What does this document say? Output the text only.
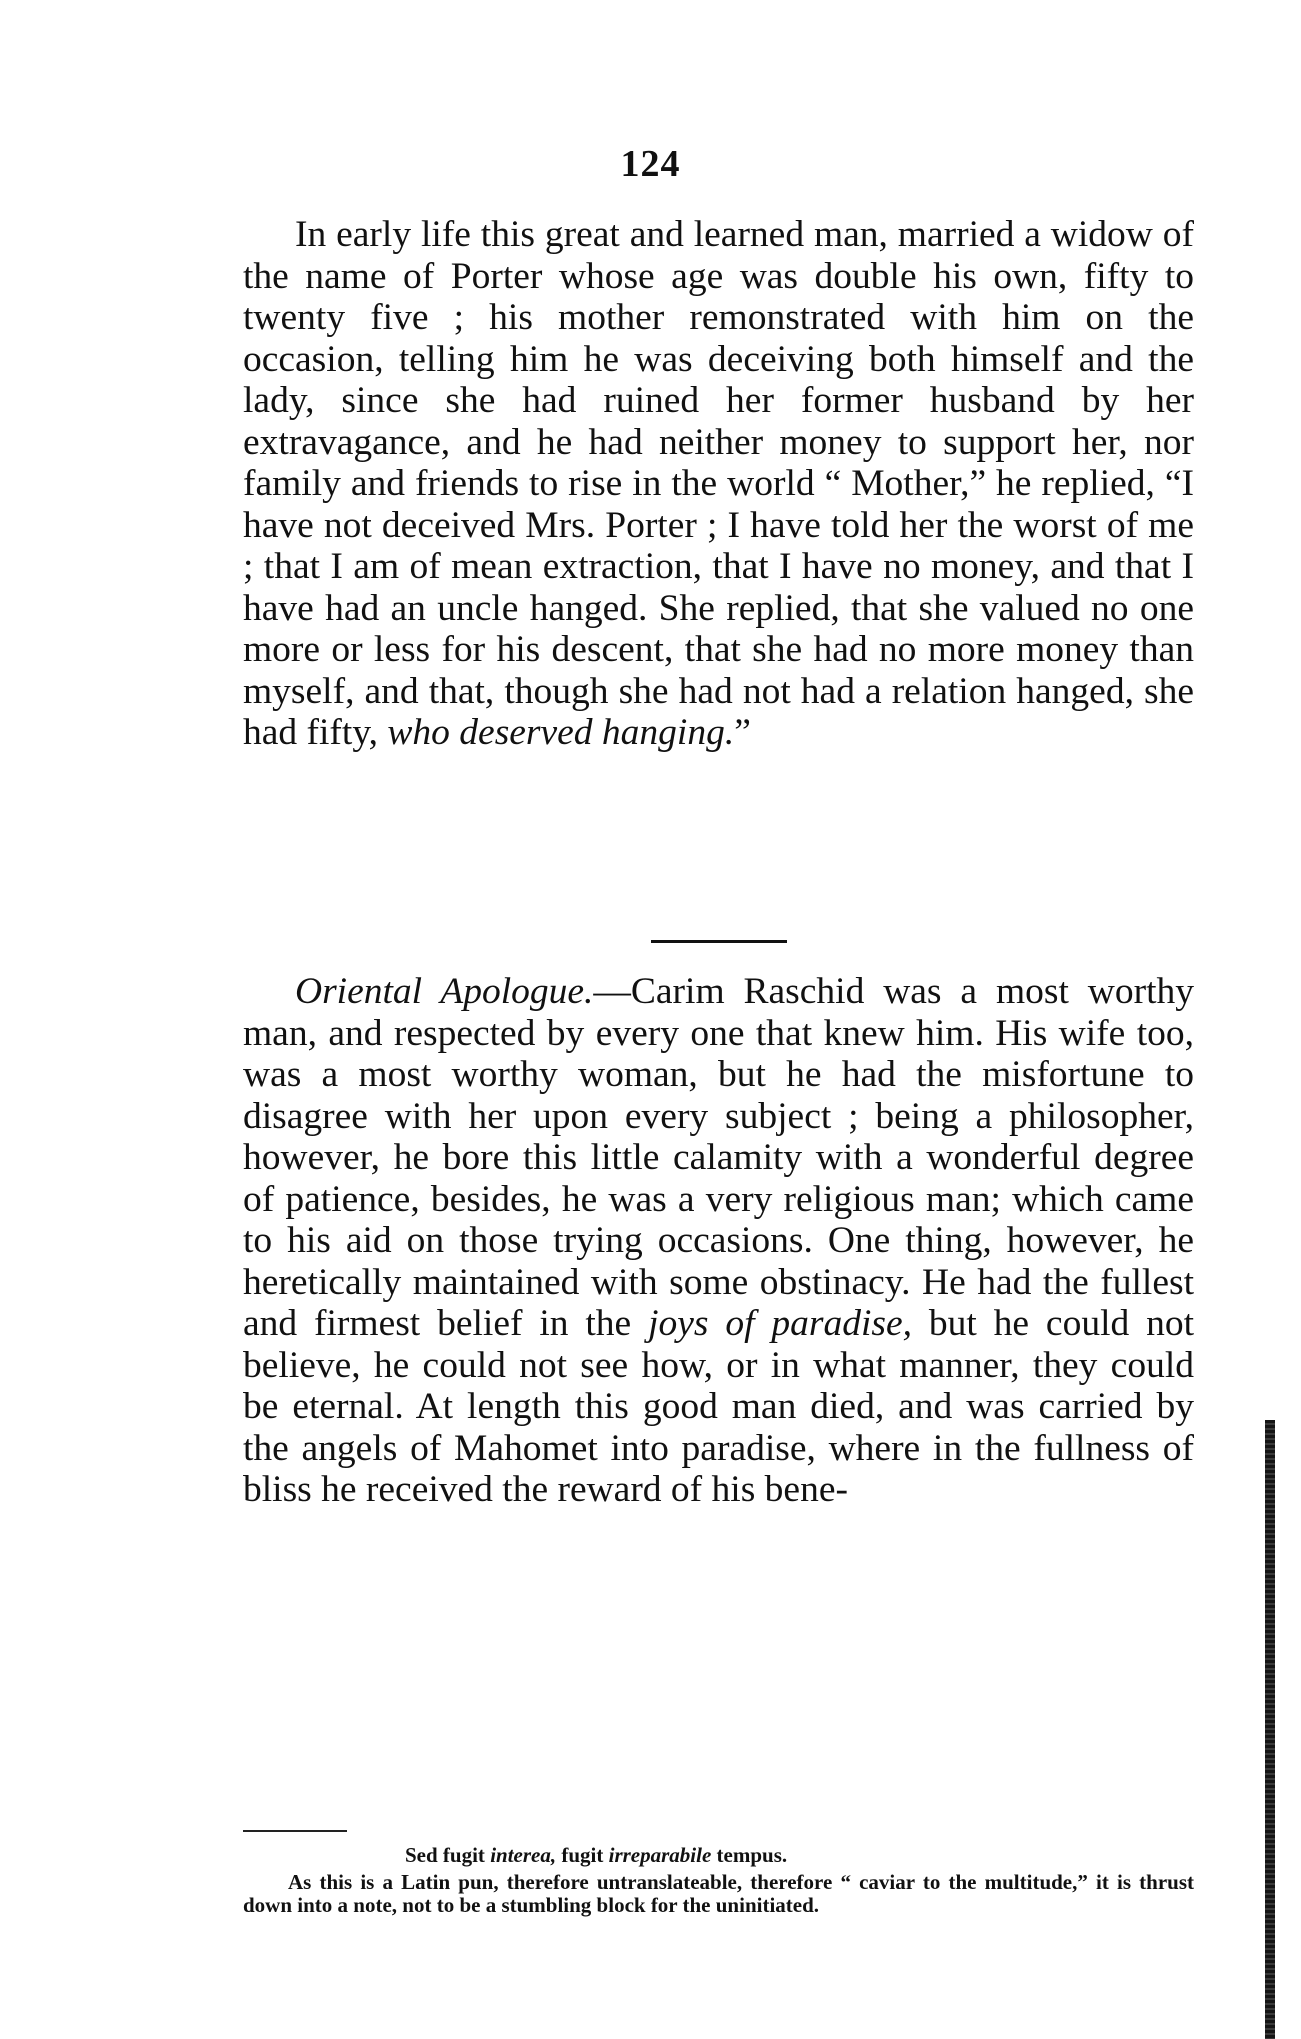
124

In early life this great and learned man, married a widow of the name of Porter whose age was double his own, fifty to twenty five ; his mother remonstrated with him on the occasion, telling him he was deceiving both himself and the lady, since she had ruined her former husband by her extravagance, and he had neither money to support her, nor family and friends to rise in the world “ Mother,” he replied, “I have not deceived Mrs. Porter ; I have told her the worst of me ; that I am of mean extraction, that I have no money, and that I have had an uncle hanged. She replied, that she valued no one more or less for his descent, that she had no more money than myself, and that, though she had not had a relation hanged, she had fifty, who deserved hanging.”

Oriental Apologue.—Carim Raschid was a most worthy man, and respected by every one that knew him. His wife too, was a most worthy woman, but he had the misfortune to disagree with her upon every subject ; being a philosopher, however, he bore this little calamity with a wonderful degree of patience, besides, he was a very religious man; which came to his aid on those trying occasions. One thing, however, he heretically maintained with some obstinacy. He had the fullest and firmest belief in the joys of paradise, but he could not believe, he could not see how, or in what manner, they could be eternal. At length this good man died, and was carried by the angels of Mahomet into paradise, where in the fullness of bliss he received the reward of his bene-

Sed fugit interea, fugit irreparabile tempus.

As this is a Latin pun, therefore untranslateable, therefore “ caviar to the multitude,” it is thrust down into a note, not to be a stumbling block for the uninitiated.
